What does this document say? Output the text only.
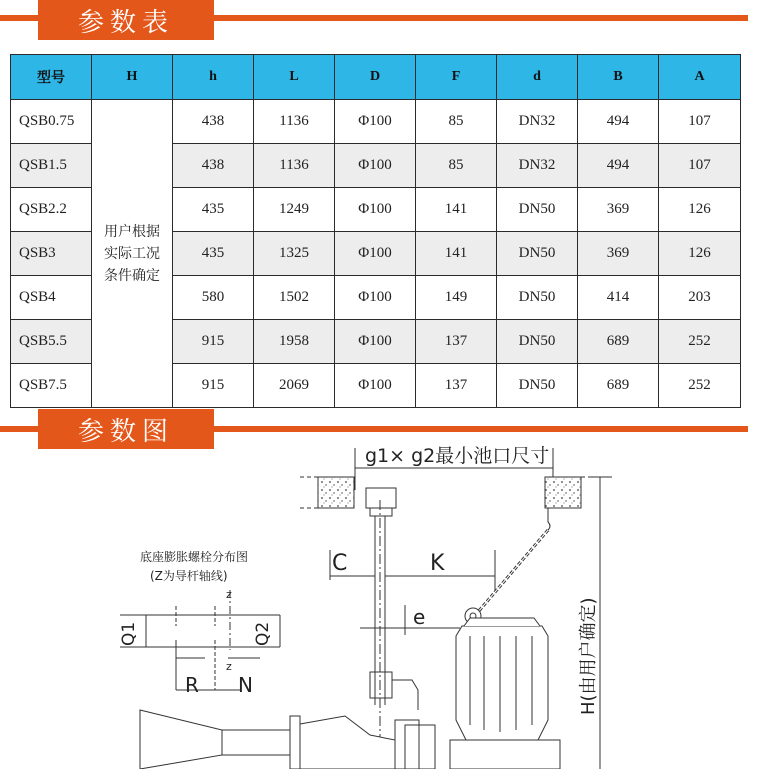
参数表
型号	H	h	L	D	F	d	B	A
QSB0.75	用户根据
实际工况
条件确定	438	1136	Φ100	85	DN32	494	107
QSB1.5		438	1136	Φ100	85	DN32	494	107
QSB2.2		435	1249	Φ100	141	DN50	369	126
QSB3		435	1325	Φ100	141	DN50	369	126
QSB4		580	1502	Φ100	149	DN50	414	203
QSB5.5		915	1958	Φ100	137	DN50	689	252
QSB7.5		915	2069	Φ100	137	DN50	689	252
参数图
g1× g2最小池口尺寸
C	K
e
底座膨胀螺栓分布图
(Z为导杆轴线)
z
z
Q1	Q2
R N	H(由用户确定)
